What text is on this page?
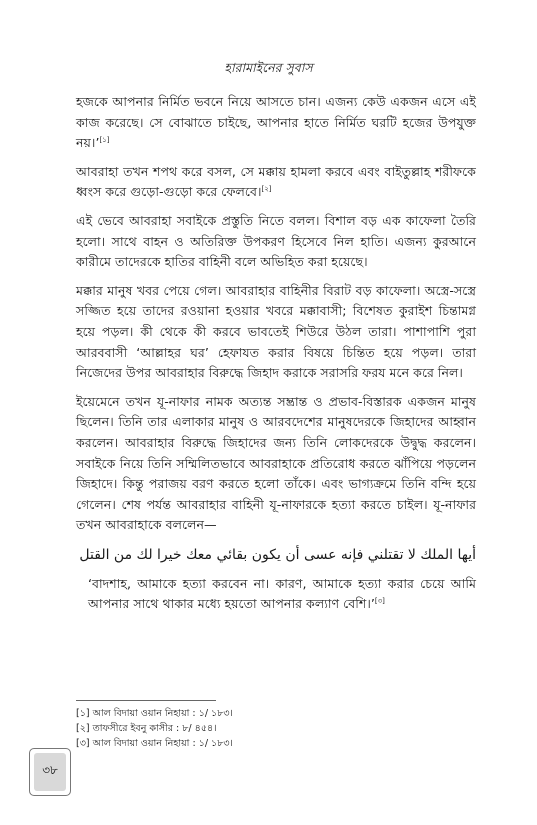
হারামাইনের সুবাস

হজকে আপনার নির্মিত ভবনে নিয়ে আসতে চান। এজন্য কেউ একজন এসে এই কাজ করেছে। সে বোঝাতে চাইছে, আপনার হাতে নির্মিত ঘরটি হজের উপযুক্ত নয়।’[১]

আবরাহা তখন শপথ করে বসল, সে মক্কায় হামলা করবে এবং বাইতুল্লাহ শরীফকে ধ্বংস করে গুড়ো-গুড়ো করে ফেলবে।[২]

এই ভেবে আবরাহা সবাইকে প্রস্তুতি নিতে বলল। বিশাল বড় এক কাফেলা তৈরি হলো। সাথে বাহন ও অতিরিক্ত উপকরণ হিসেবে নিল হাতি। এজন্য কুরআনে কারীমে তাদেরকে হাতির বাহিনী বলে অভিহিত করা হয়েছে।

মক্কার মানুষ খবর পেয়ে গেল। আবরাহার বাহিনীর বিরাট বড় কাফেলা। অস্ত্রে-সস্ত্রে সজ্জিত হয়ে তাদের রওয়ানা হওয়ার খবরে মক্কাবাসী; বিশেষত কুরাইশ চিন্তামগ্ন হয়ে পড়ল। কী থেকে কী করবে ভাবতেই শিউরে উঠল তারা। পাশাপাশি পুরা আরববাসী ‘আল্লাহর ঘর’ হেফাযত করার বিষয়ে চিন্তিত হয়ে পড়ল। তারা নিজেদের উপর আবরাহার বিরুদ্ধে জিহাদ করাকে সরাসরি ফরয মনে করে নিল।

ইয়েমেনে তখন যূ-নাফার নামক অত্যন্ত সম্ভ্রান্ত ও প্রভাব-বিস্তারক একজন মানুষ ছিলেন। তিনি তার এলাকার মানুষ ও আরবদেশের মানুষদেরকে জিহাদের আহ্বান করলেন। আবরাহার বিরুদ্ধে জিহাদের জন্য তিনি লোকদেরকে উদ্বুদ্ধ করলেন। সবাইকে নিয়ে তিনি সম্মিলিতভাবে আবরাহাকে প্রতিরোধ করতে ঝাঁপিয়ে পড়লেন জিহাদে। কিন্তু পরাজয় বরণ করতে হলো তাঁকে। এবং ভাগ্যক্রমে তিনি বন্দি হয়ে গেলেন। শেষ পর্যন্ত আবরাহার বাহিনী যূ-নাফারকে হত্যা করতে চাইল। যূ-নাফার তখন আবরাহাকে বললেন—

أيها الملك لا تقتلني فإنه عسى أن يكون بقائي معك خيرا لك من القتل

‘বাদশাহ, আমাকে হত্যা করবেন না। কারণ, আমাকে হত্যা করার চেয়ে আমি আপনার সাথে থাকার মধ্যে হয়তো আপনার কল্যাণ বেশি।’[৩]

[১] আল বিদায়া ওয়ান নিহায়া : ১/ ১৮৩।
[২] তাফসীরে ইবনু কাসীর : ৮/ ৪৫৪।
[৩] আল বিদায়া ওয়ান নিহায়া : ১/ ১৮৩।
৩৮
